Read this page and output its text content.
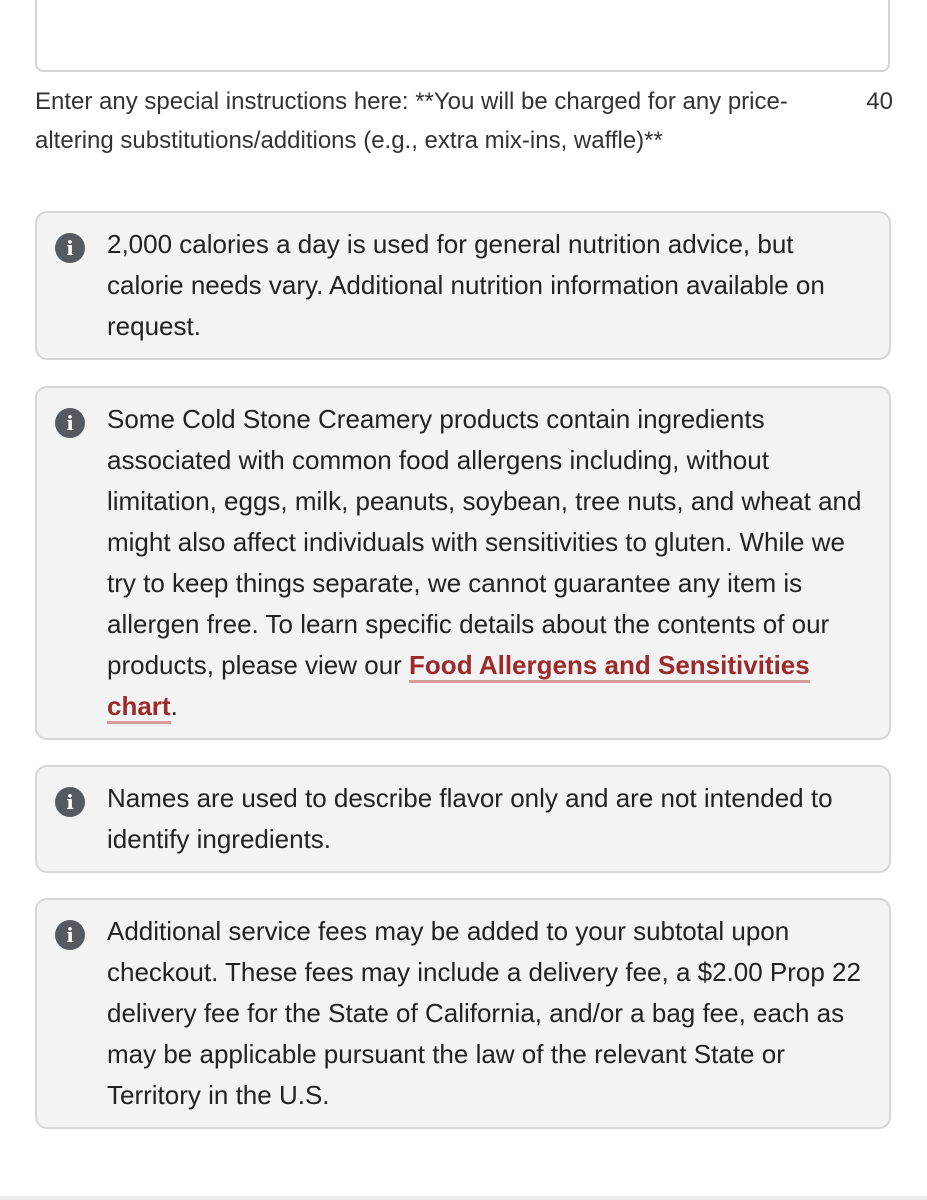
Enter any special instructions here: **You will be charged for any price-altering substitutions/additions (e.g., extra mix-ins, waffle)**
40
i	2,000 calories a day is used for general nutrition advice, but calorie needs vary. Additional nutrition information available on request.

i	Some Cold Stone Creamery products contain ingredients associated with common food allergens including, without limitation, eggs, milk, peanuts, soybean, tree nuts, and wheat and might also affect individuals with sensitivities to gluten. While we try to keep things separate, we cannot guarantee any item is allergen free. To learn specific details about the contents of our products, please view our Food Allergens and Sensitivities chart.

i	Names are used to describe flavor only and are not intended to identify ingredients.

i	Additional service fees may be added to your subtotal upon checkout. These fees may include a delivery fee, a $2.00 Prop 22 delivery fee for the State of California, and/or a bag fee, each as may be applicable pursuant the law of the relevant State or Territory in the U.S.
